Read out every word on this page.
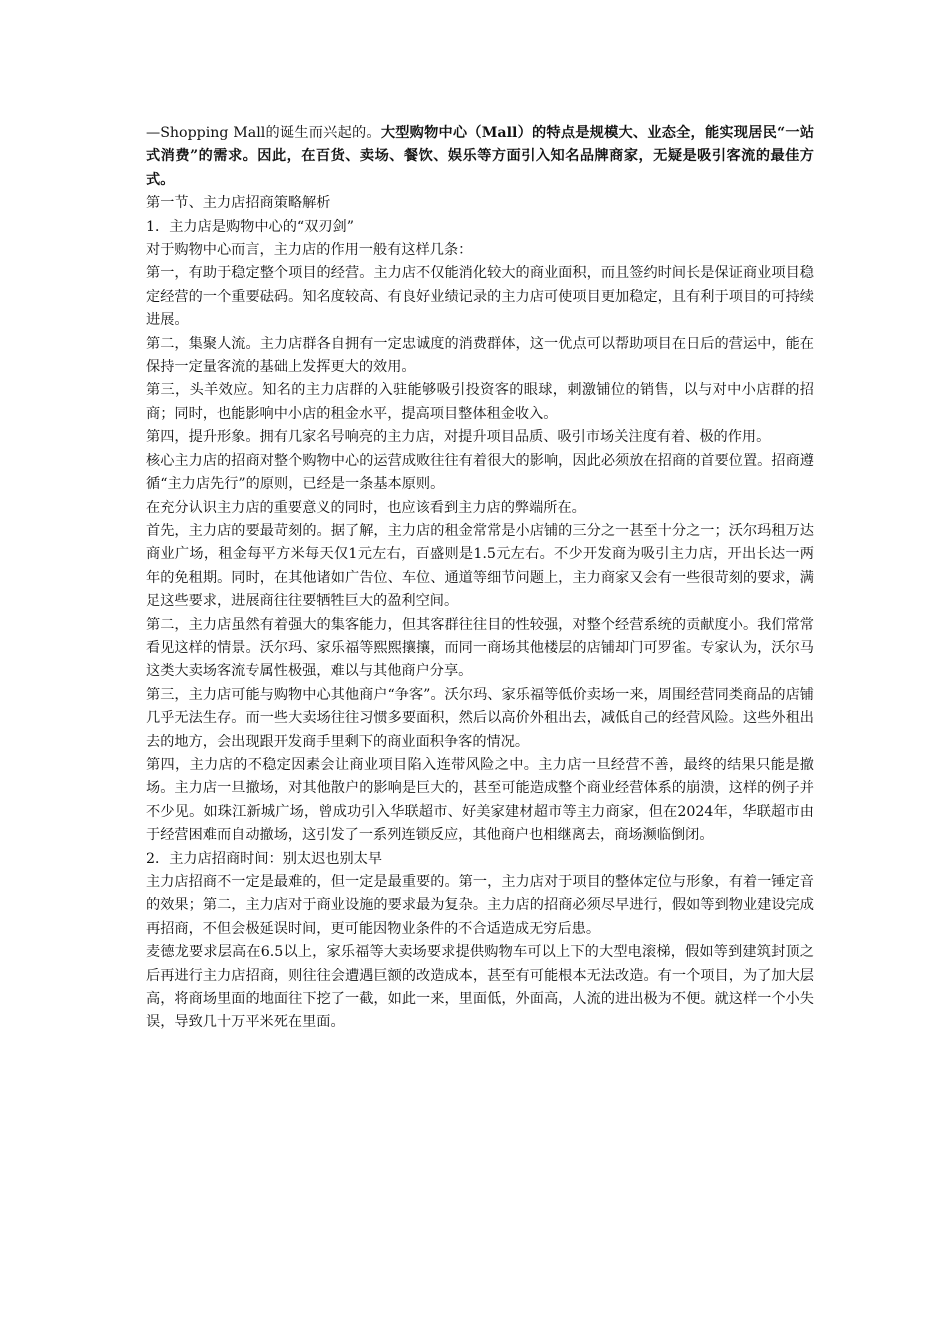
—Shopping Mall的诞生而兴起的。大型购物中心（Mall）的特点是规模大、业态全，能实现居民“一站式消费”的需求。因此，在百货、卖场、餐饮、娱乐等方面引入知名品牌商家，无疑是吸引客流的最佳方式。

第一节、主力店招商策略解析

1．主力店是购物中心的“双刃剑”

对于购物中心而言，主力店的作用一般有这样几条：

第一，有助于稳定整个项目的经营。主力店不仅能消化较大的商业面积，而且签约时间长是保证商业项目稳定经营的一个重要砝码。知名度较高、有良好业绩记录的主力店可使项目更加稳定，且有利于项目的可持续进展。

第二，集聚人流。主力店群各自拥有一定忠诚度的消费群体，这一优点可以帮助项目在日后的营运中，能在保持一定量客流的基础上发挥更大的效用。

第三，头羊效应。知名的主力店群的入驻能够吸引投资客的眼球，刺激铺位的销售，以与对中小店群的招商；同时，也能影响中小店的租金水平，提高项目整体租金收入。

第四，提升形象。拥有几家名号响亮的主力店，对提升项目品质、吸引市场关注度有着、极的作用。

核心主力店的招商对整个购物中心的运营成败往往有着很大的影响，因此必须放在招商的首要位置。招商遵循“主力店先行”的原则，已经是一条基本原则。

在充分认识主力店的重要意义的同时，也应该看到主力店的弊端所在。

首先，主力店的要最苛刻的。据了解，主力店的租金常常是小店铺的三分之一甚至十分之一；沃尔玛租万达商业广场，租金每平方米每天仅1元左右，百盛则是1.5元左右。不少开发商为吸引主力店，开出长达一两年的免租期。同时，在其他诸如广告位、车位、通道等细节问题上，主力商家又会有一些很苛刻的要求，满足这些要求，进展商往往要牺牲巨大的盈利空间。

第二，主力店虽然有着强大的集客能力，但其客群往往目的性较强，对整个经营系统的贡献度小。我们常常看见这样的情景。沃尔玛、家乐福等熙熙攘攘，而同一商场其他楼层的店铺却门可罗雀。专家认为，沃尔马这类大卖场客流专属性极强，难以与其他商户分享。

第三，主力店可能与购物中心其他商户“争客”。沃尔玛、家乐福等低价卖场一来，周围经营同类商品的店铺几乎无法生存。而一些大卖场往往习惯多要面积，然后以高价外租出去，减低自己的经营风险。这些外租出去的地方，会出现跟开发商手里剩下的商业面积争客的情况。

第四，主力店的不稳定因素会让商业项目陷入连带风险之中。主力店一旦经营不善，最终的结果只能是撤场。主力店一旦撤场，对其他散户的影响是巨大的，甚至可能造成整个商业经营体系的崩溃，这样的例子并不少见。如珠江新城广场，曾成功引入华联超市、好美家建材超市等主力商家，但在2024年，华联超市由于经营困难而自动撤场，这引发了一系列连锁反应，其他商户也相继离去，商场濒临倒闭。

2．主力店招商时间：别太迟也别太早

主力店招商不一定是最难的，但一定是最重要的。第一，主力店对于项目的整体定位与形象，有着一锤定音的效果；第二，主力店对于商业设施的要求最为复杂。主力店的招商必须尽早进行，假如等到物业建设完成再招商，不但会极延误时间，更可能因物业条件的不合适造成无穷后患。

麦德龙要求层高在6.5以上，家乐福等大卖场要求提供购物车可以上下的大型电滚梯，假如等到建筑封顶之后再进行主力店招商，则往往会遭遇巨额的改造成本，甚至有可能根本无法改造。有一个项目，为了加大层高，将商场里面的地面往下挖了一截，如此一来，里面低，外面高，人流的进出极为不便。就这样一个小失误，导致几十万平米死在里面。
